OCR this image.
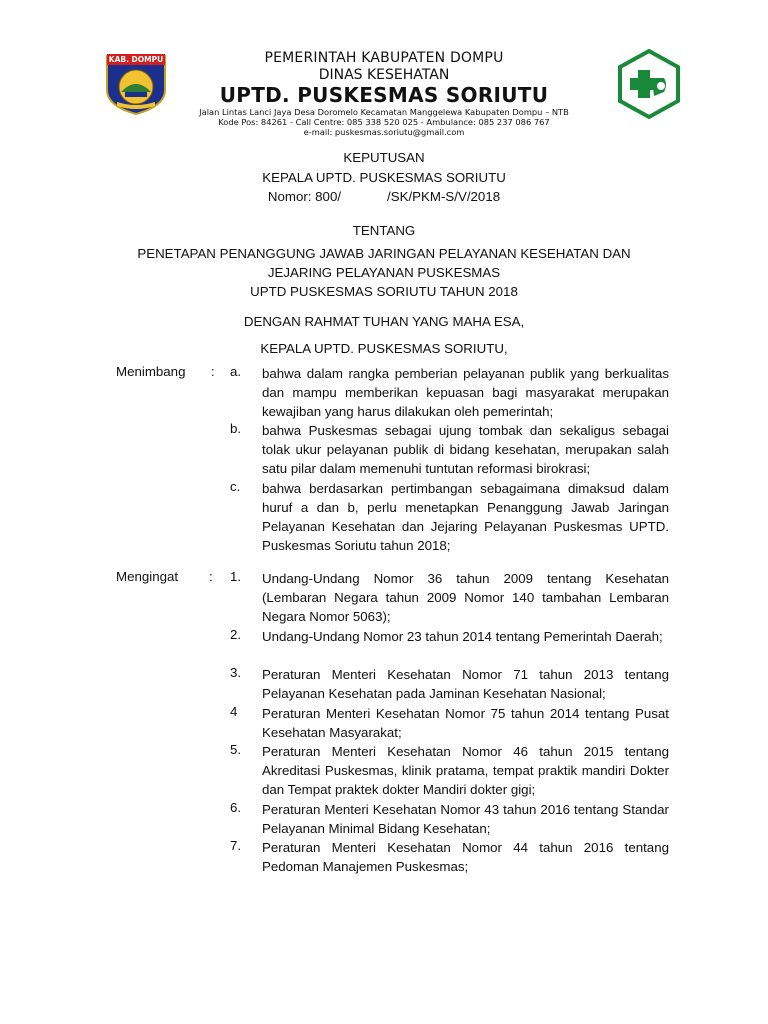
KAB. DOMPU	PEMERINTAH KABUPATEN DOMPU
DINAS KESEHATAN
UPTD. PUSKESMAS SORIUTU
Jalan Lintas Lanci Jaya Desa Doromelo Kecamatan Manggelewa Kabupaten Dompu – NTB
Kode Pos: 84261 - Call Centre: 085 338 520 025 - Ambulance: 085 237 086 767
e-mail: puskesmas.soriutu@gmail.com
KEPUTUSAN
KEPALA UPTD. PUSKESMAS SORIUTU
Nomor: 800/	/SK/PKM-S/V/2018
TENTANG
PENETAPAN PENANGGUNG JAWAB JARINGAN PELAYANAN KESEHATAN DAN
JEJARING PELAYANAN PUSKESMAS
UPTD PUSKESMAS SORIUTU TAHUN 2018
DENGAN RAHMAT TUHAN YANG MAHA ESA,
KEPALA UPTD. PUSKESMAS SORIUTU,
Menimbang : a. bahwa dalam rangka pemberian pelayanan publik yang berkualitas dan mampu memberikan kepuasan bagi masyarakat merupakan kewajiban yang harus dilakukan oleh pemerintah;
b. bahwa Puskesmas sebagai ujung tombak dan sekaligus sebagai tolak ukur pelayanan publik di bidang kesehatan, merupakan salah satu pilar dalam memenuhi tuntutan reformasi birokrasi;
c. bahwa berdasarkan pertimbangan sebagaimana dimaksud dalam huruf a dan b, perlu menetapkan Penanggung Jawab Jaringan Pelayanan Kesehatan dan Jejaring Pelayanan Puskesmas UPTD. Puskesmas Soriutu tahun 2018;
Mengingat : 1. Undang-Undang Nomor 36 tahun 2009 tentang Kesehatan (Lembaran Negara tahun 2009 Nomor 140 tambahan Lembaran Negara Nomor 5063);
2. Undang-Undang Nomor 23 tahun 2014 tentang Pemerintah Daerah;
3. Peraturan Menteri Kesehatan Nomor 71 tahun 2013 tentang Pelayanan Kesehatan pada Jaminan Kesehatan Nasional;
4 Peraturan Menteri Kesehatan Nomor 75 tahun 2014 tentang Pusat Kesehatan Masyarakat;
5. Peraturan Menteri Kesehatan Nomor 46 tahun 2015 tentang Akreditasi Puskesmas, klinik pratama, tempat praktik mandiri Dokter dan Tempat praktek dokter Mandiri dokter gigi;
6. Peraturan Menteri Kesehatan Nomor 43 tahun 2016 tentang Standar Pelayanan Minimal Bidang Kesehatan;
7. Peraturan Menteri Kesehatan Nomor 44 tahun 2016 tentang Pedoman Manajemen Puskesmas;
